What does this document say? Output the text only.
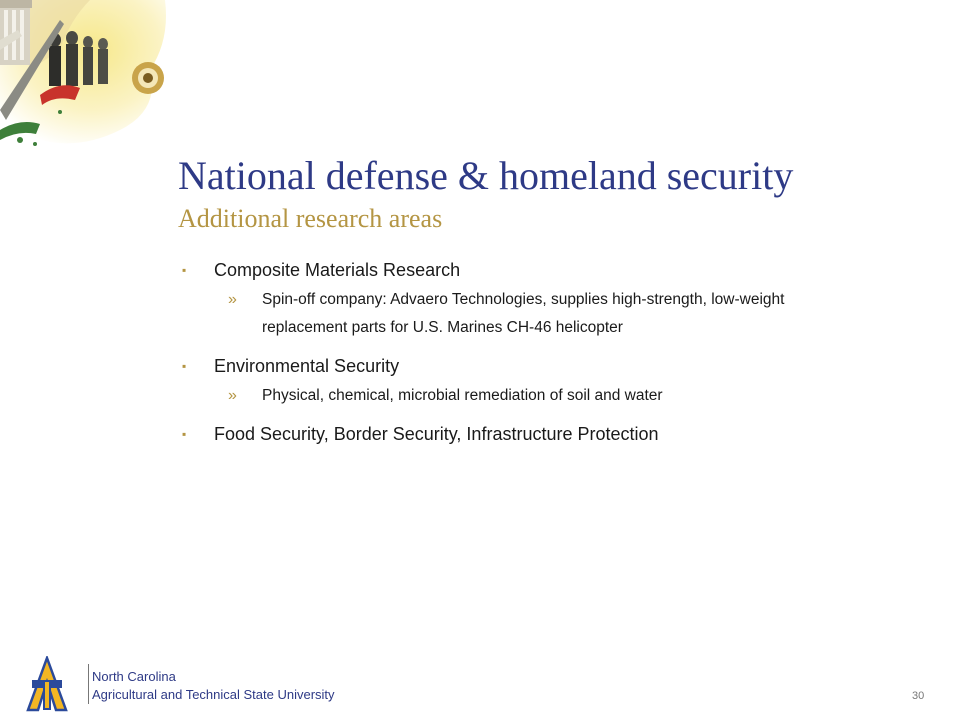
National defense & homeland security
Additional research areas
▪ Composite Materials Research
» Spin-off company: Advaero Technologies, supplies high-strength, low-weight replacement parts for U.S. Marines CH-46 helicopter
▪ Environmental Security
» Physical, chemical, microbial remediation of soil and water
▪ Food Security, Border Security, Infrastructure Protection
North Carolina
Agricultural and Technical State University	30
